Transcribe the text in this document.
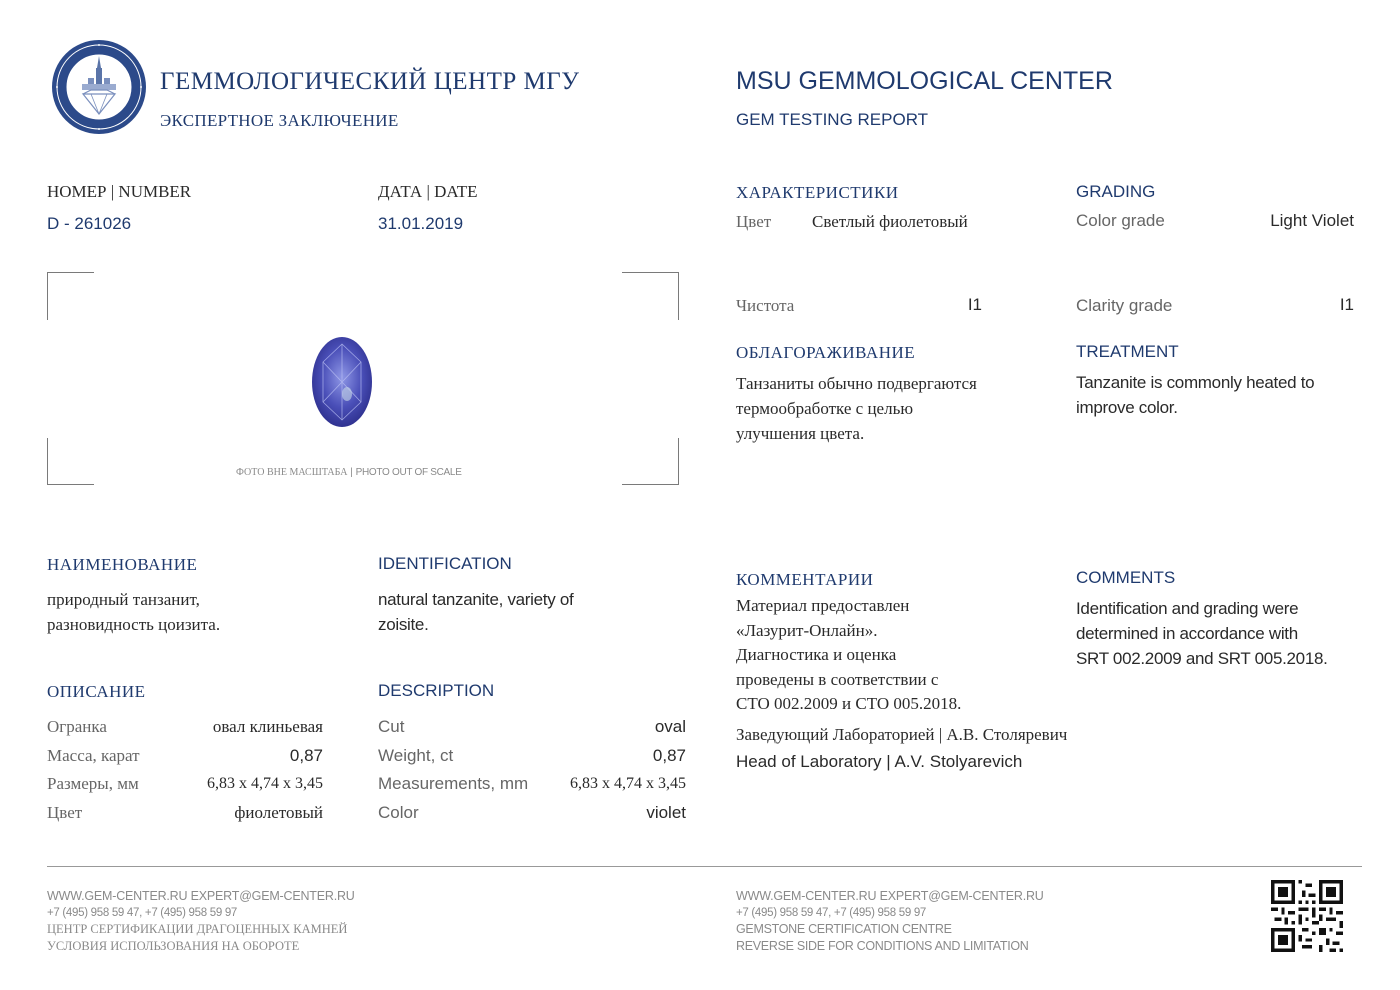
ГЕММОЛОГИЧЕСКИЙ ЦЕНТР МГУ
ЭКСПЕРТНОЕ ЗАКЛЮЧЕНИЕ
MSU GEMMOLOGICAL CENTER
GEM TESTING REPORT
НОМЕР | NUMBER
D - 261026
ДАТА | DATE
31.01.2019
ФОТО ВНЕ МАСШТАБА | PHOTO OUT OF SCALE
ХАРАКТЕРИСТИКИ	GRADING
Цвет Светлый фиолетовый	Color grade	Light Violet
Чистота	I1	Clarity grade	I1
ОБЛАГОРАЖИВАНИЕ
Танзаниты обычно подвергаются
термообработке с целью
улучшения цвета.
TREATMENT
Tanzanite is commonly heated to
improve color.
НАИМЕНОВАНИЕ
природный танзанит,
разновидность цоизита.
IDENTIFICATION
natural tanzanite, variety of
zoisite.
ОПИСАНИЕ	DESCRIPTION
Огранка	овал клиньевая
Масса, карат	0,87
Размеры, мм	6,83 х 4,74 х 3,45
Цвет	фиолетовый
Cut	oval
Weight, ct	0,87
Measurements, mm	6,83 x 4,74 x 3,45
Color	violet
КОММЕНТАРИИ
Материал предоставлен
«Лазурит-Онлайн».
Диагностика и оценка
проведены в соответствии с
СТО 002.2009 и СТО 005.2018.
COMMENTS
Identification and grading were
determined in accordance with
SRT 002.2009 and SRT 005.2018.
Заведующий Лабораторией | А.В. Столяревич
Head of Laboratory | A.V. Stolyarevich
WWW.GEM-CENTER.RU EXPERT@GEM-CENTER.RU
+7 (495) 958 59 47, +7 (495) 958 59 97
ЦЕНТР СЕРТИФИКАЦИИ ДРАГОЦЕННЫХ КАМНЕЙ
УСЛОВИЯ ИСПОЛЬЗОВАНИЯ НА ОБОРОТЕ
WWW.GEM-CENTER.RU EXPERT@GEM-CENTER.RU
+7 (495) 958 59 47, +7 (495) 958 59 97
GEMSTONE CERTIFICATION CENTRE
REVERSE SIDE FOR CONDITIONS AND LIMITATION
